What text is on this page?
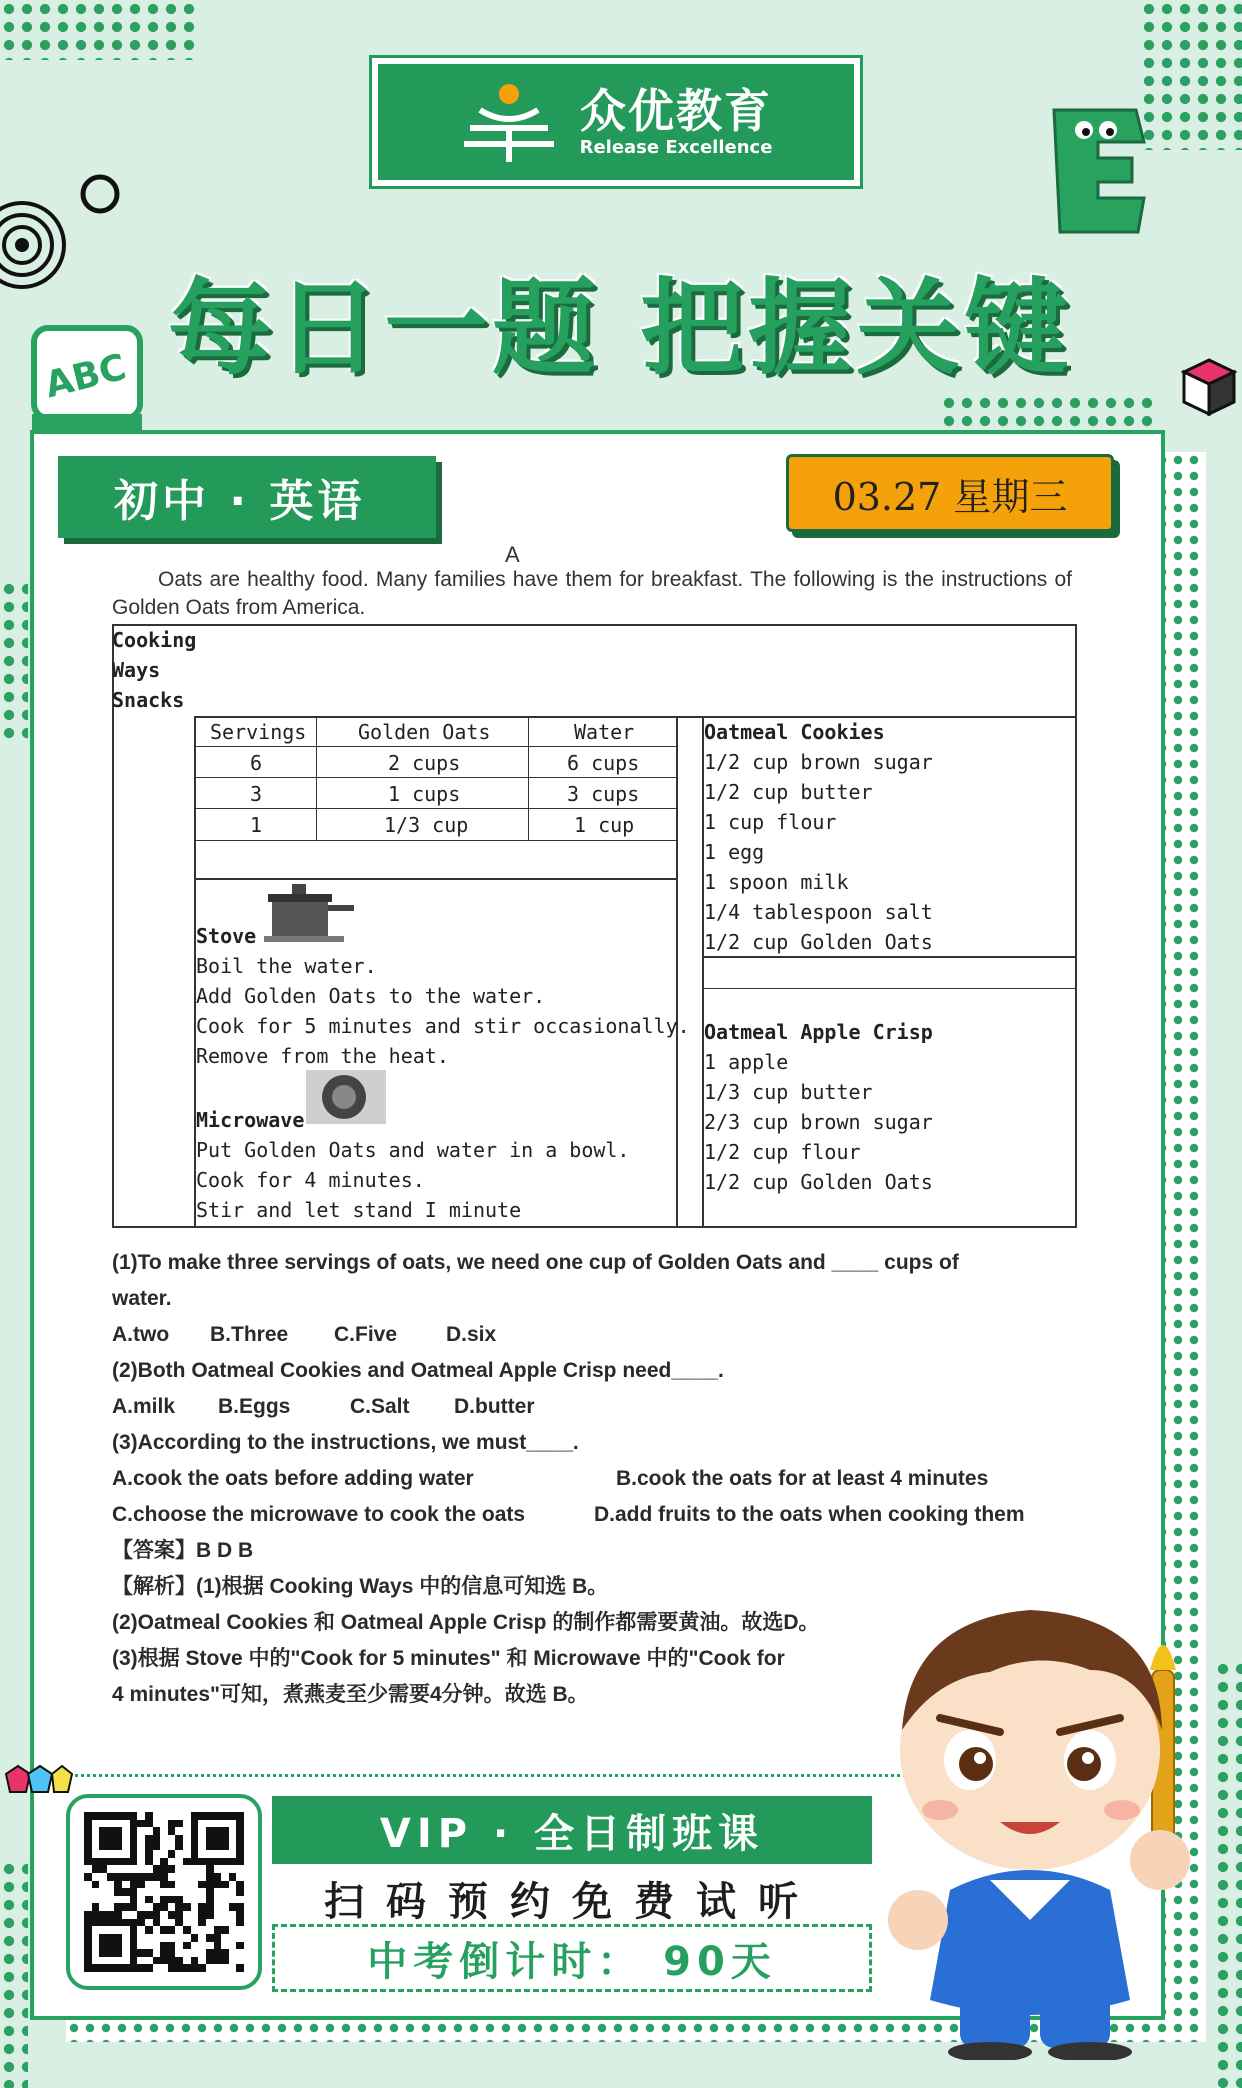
ABC
众优教育
Release Excellence
每日一题 把握关键
初中 · 英语	03.27 星期三
A
Oats are healthy food. Many families have them for breakfast. The following is the instructions of Golden Oats from America.
Cooking
Ways
Snacks
Servings	Golden Oats	Water
6	2 cups	6 cups
3	1 cups	3 cups
1	1/3 cup	1 cup
Stove
Boil the water.
Add Golden Oats to the water.
Cook for 5 minutes and stir occasionally.
Remove from the heat.
Microwave
Put Golden Oats and water in a bowl.
Cook for 4 minutes.
Stir and let stand I minute
Oatmeal Cookies
1/2 cup brown sugar
1/2 cup butter
1 cup flour
1 egg
1 spoon milk
1/4 tablespoon salt
1/2 cup Golden Oats
Oatmeal Apple Crisp
1 apple
1/3 cup butter
2/3 cup brown sugar
1/2 cup flour
1/2 cup Golden Oats
(1)To make three servings of oats, we need one cup of Golden Oats and ____ cups of
water.
A.two B.Three C.Five D.six
(2)Both Oatmeal Cookies and Oatmeal Apple Crisp need____.
A.milk B.Eggs	C.Salt D.butter
(3)According to the instructions, we must____.
A.cook the oats before adding water	B.cook the oats for at least 4 minutes
C.choose the microwave to cook the oats	D.add fruits to the oats when cooking them
【答案】B D B
【解析】(1)根据 Cooking Ways 中的信息可知选 B。
(2)Oatmeal Cookies 和 Oatmeal Apple Crisp 的制作都需要黄油。故选D。
(3)根据 Stove 中的"Cook for 5 minutes" 和 Microwave 中的"Cook for
4 minutes"可知，煮燕麦至少需要4分钟。故选 B。
VIP · 全日制班课
扫码预约免费试听
中考倒计时： 90天
